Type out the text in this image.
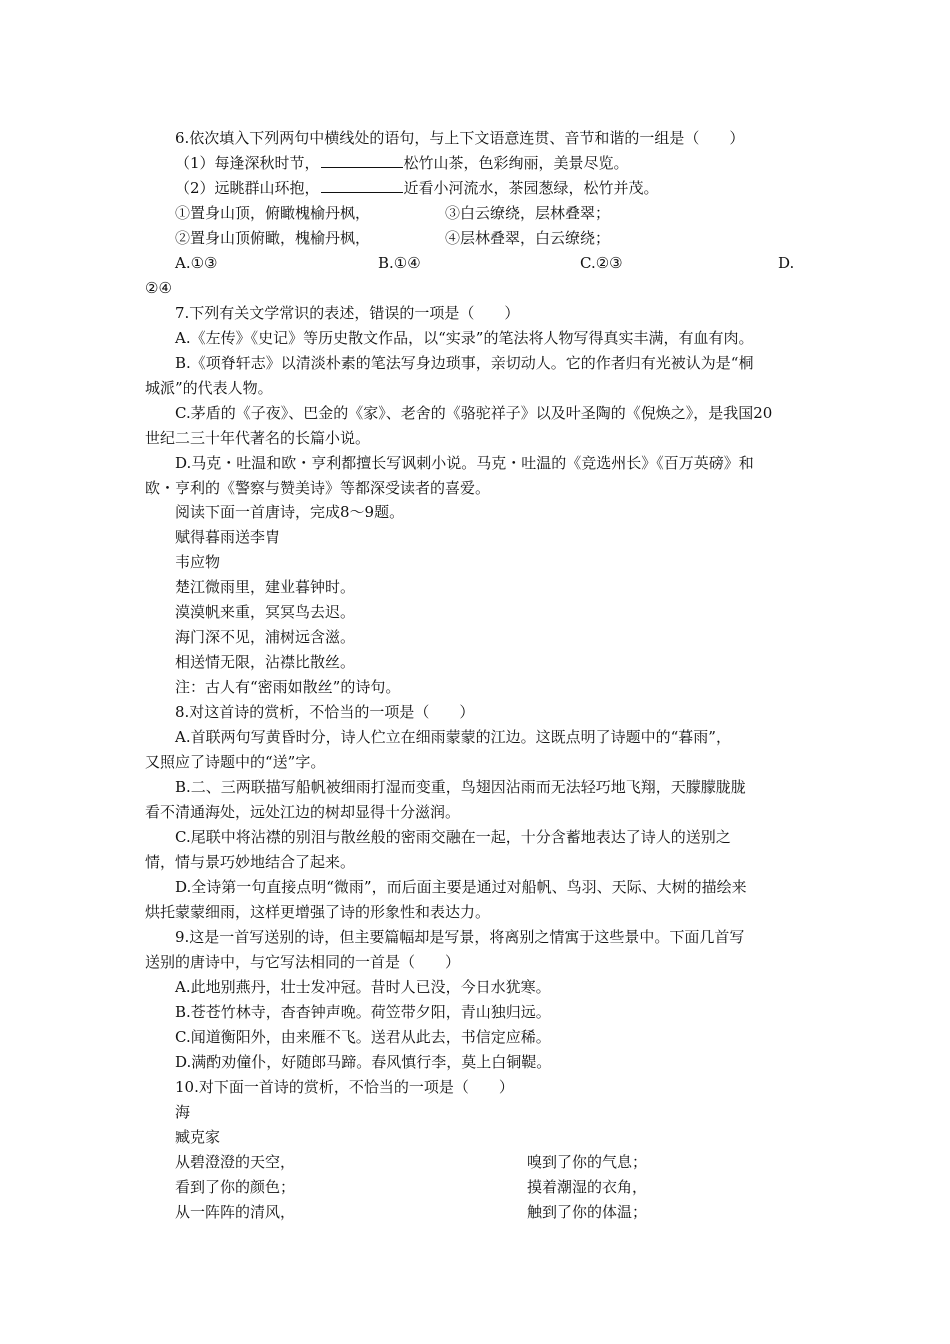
6.依次填入下列两句中横线处的语句，与上下文语意连贯、音节和谐的一组是（　　）
（1）每逢深秋时节，	松竹山茶，色彩绚丽，美景尽览。
（2）远眺群山环抱，	近看小河流水，茶园葱绿，松竹并茂。
①置身山顶，俯瞰槐榆丹枫，	③白云缭绕，层林叠翠；
②置身山顶俯瞰，槐榆丹枫，	④层林叠翠，白云缭绕；
A.①③	B.①④	C.②③	D.
②④
7.下列有关文学常识的表述，错误的一项是（　　）
A.《左传》《史记》等历史散文作品，以“实录”的笔法将人物写得真实丰满，有血有肉。
B.《项脊轩志》以清淡朴素的笔法写身边琐事，亲切动人。它的作者归有光被认为是“桐
城派”的代表人物。
C.茅盾的《子夜》、巴金的《家》、老舍的《骆驼祥子》以及叶圣陶的《倪焕之》，是我国20
世纪二三十年代著名的长篇小说。
D.马克・吐温和欧・亨利都擅长写讽刺小说。马克・吐温的《竞选州长》《百万英磅》和
欧・亨利的《警察与赞美诗》等都深受读者的喜爱。
阅读下面一首唐诗，完成8～9题。
赋得暮雨送李胄
韦应物
楚江微雨里，建业暮钟时。
漠漠帆来重，冥冥鸟去迟。
海门深不见，浦树远含滋。
相送情无限，沾襟比散丝。
注：古人有“密雨如散丝”的诗句。
8.对这首诗的赏析，不恰当的一项是（　　）
A.首联两句写黄昏时分，诗人伫立在细雨蒙蒙的江边。这既点明了诗题中的“暮雨”，
又照应了诗题中的“送”字。
B.二、三两联描写船帆被细雨打湿而变重，鸟翅因沾雨而无法轻巧地飞翔，天朦朦胧胧
看不清通海处，远处江边的树却显得十分滋润。
C.尾联中将沾襟的别泪与散丝般的密雨交融在一起，十分含蓄地表达了诗人的送别之
情，情与景巧妙地结合了起来。
D.全诗第一句直接点明“微雨”，而后面主要是通过对船帆、鸟羽、天际、大树的描绘来
烘托蒙蒙细雨，这样更增强了诗的形象性和表达力。
9.这是一首写送别的诗，但主要篇幅却是写景，将离别之情寓于这些景中。下面几首写
送别的唐诗中，与它写法相同的一首是（　　）
A.此地别燕丹，壮士发冲冠。昔时人已没，今日水犹寒。
B.苍苍竹林寺，杳杳钟声晚。荷笠带夕阳，青山独归远。
C.闻道衡阳外，由来雁不飞。送君从此去，书信定应稀。
D.满酌劝僮仆，好随郎马蹄。春风慎行李，莫上白铜鞮。
10.对下面一首诗的赏析，不恰当的一项是（　　）
海
臧克家
从碧澄澄的天空，	嗅到了你的气息；
看到了你的颜色；	摸着潮湿的衣角，
从一阵阵的清风，	触到了你的体温；
